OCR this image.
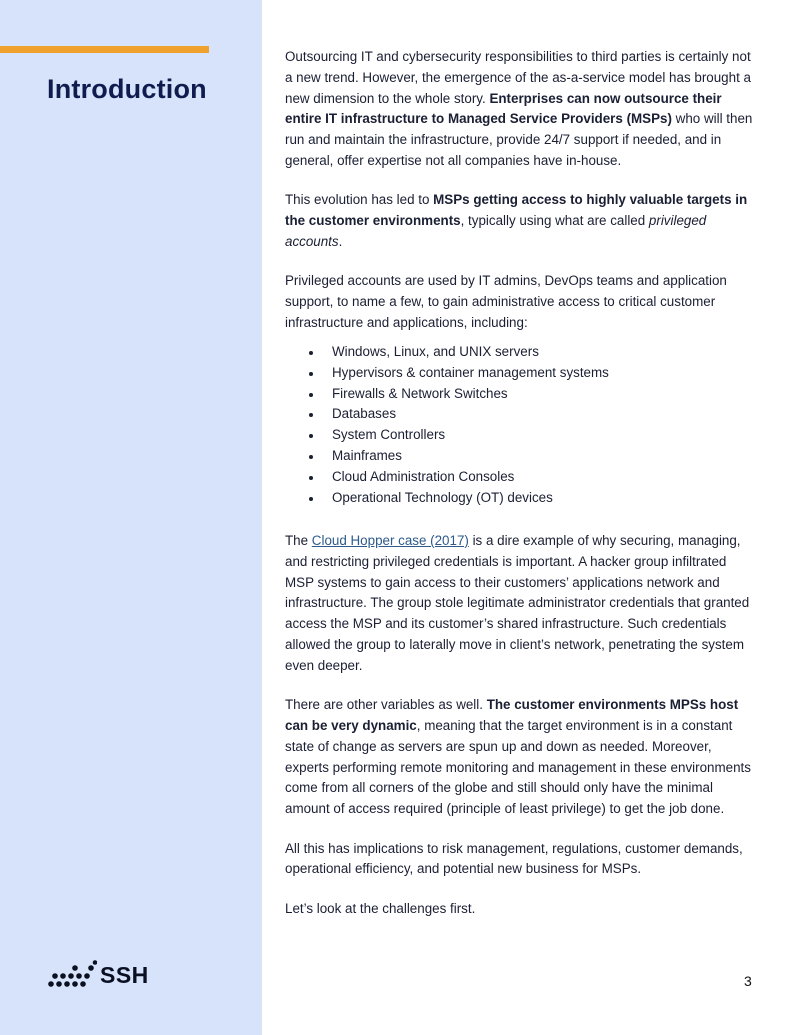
Introduction
SSH

Outsourcing IT and cybersecurity responsibilities to third parties is certainly not a new trend. However, the emergence of the as-a-service model has brought a new dimension to the whole story. Enterprises can now outsource their entire IT infrastructure to Managed Service Providers (MSPs) who will then run and maintain the infrastructure, provide 24/7 support if needed, and in general, offer expertise not all companies have in-house.

This evolution has led to MSPs getting access to highly valuable targets in the customer environments, typically using what are called privileged accounts.

Privileged accounts are used by IT admins, DevOps teams and application support, to name a few, to gain administrative access to critical customer infrastructure and applications, including:

Windows, Linux, and UNIX servers
Hypervisors & container management systems
Firewalls & Network Switches
Databases
System Controllers
Mainframes
Cloud Administration Consoles
Operational Technology (OT) devices

The Cloud Hopper case (2017) is a dire example of why securing, managing, and restricting privileged credentials is important. A hacker group infiltrated MSP systems to gain access to their customers’ applications network and infrastructure. The group stole legitimate administrator credentials that granted access the MSP and its customer’s shared infrastructure. Such credentials allowed the group to laterally move in client’s network, penetrating the system even deeper.

There are other variables as well. The customer environments MPSs host can be very dynamic, meaning that the target environment is in a constant state of change as servers are spun up and down as needed. Moreover, experts performing remote monitoring and management in these environments come from all corners of the globe and still should only have the minimal amount of access required (principle of least privilege) to get the job done.

All this has implications to risk management, regulations, customer demands, operational efficiency, and potential new business for MSPs.

Let’s look at the challenges first.

3
